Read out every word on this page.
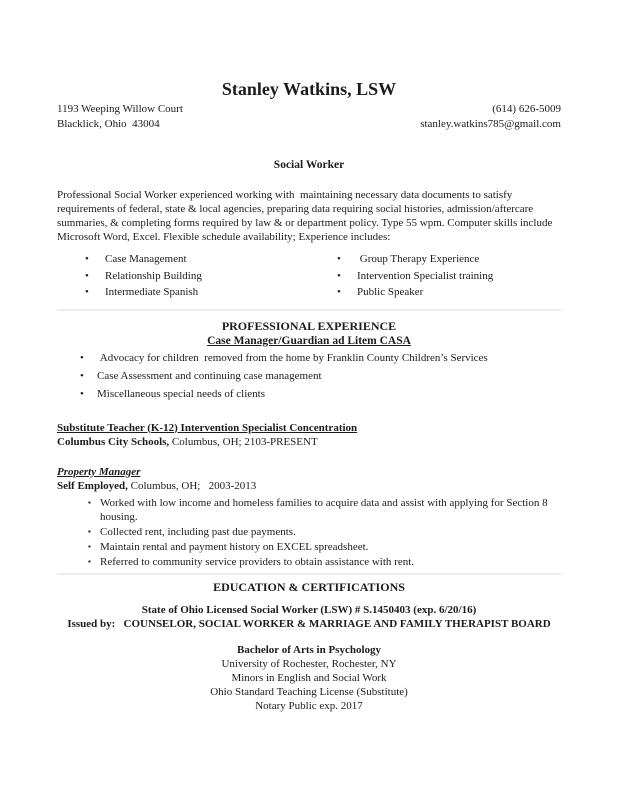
Stanley Watkins, LSW
1193 Weeping Willow Court
Blacklick, Ohio  43004
(614) 626-5009
stanley.watkins785@gmail.com
Social Worker

Professional Social Worker experienced working with  maintaining necessary data documents to satisfy requirements of federal, state & local agencies, preparing data requiring social histories, admission/aftercare summaries, & completing forms required by law & or department policy. Type 55 wpm. Computer skills include Microsoft Word, Excel. Flexible schedule availability; Experience includes:

• Case Management
• Relationship Building
• Intermediate Spanish
•  Group Therapy Experience
• Intervention Specialist training
• Public Speaker
PROFESSIONAL EXPERIENCE
Case Manager/Guardian ad Litem CASA
•  Advocacy for children  removed from the home by Franklin County Children’s Services
• Case Assessment and continuing case management
• Miscellaneous special needs of clients
Substitute Teacher (K-12) Intervention Specialist Concentration
Columbus City Schools, Columbus, OH; 2103-PRESENT
Property Manager
Self Employed, Columbus, OH;   2003-2013
▪ Worked with low income and homeless families to acquire data and assist with applying for Section 8 housing.
▪ Collected rent, including past due payments.
▪ Maintain rental and payment history on EXCEL spreadsheet.
▪ Referred to community service providers to obtain assistance with rent.
EDUCATION & CERTIFICATIONS
State of Ohio Licensed Social Worker (LSW) # S.1450403 (exp. 6/20/16)
Issued by:   COUNSELOR, SOCIAL WORKER & MARRIAGE AND FAMILY THERAPIST BOARD
Bachelor of Arts in Psychology
University of Rochester, Rochester, NY
Minors in English and Social Work
Ohio Standard Teaching License (Substitute)
Notary Public exp. 2017
